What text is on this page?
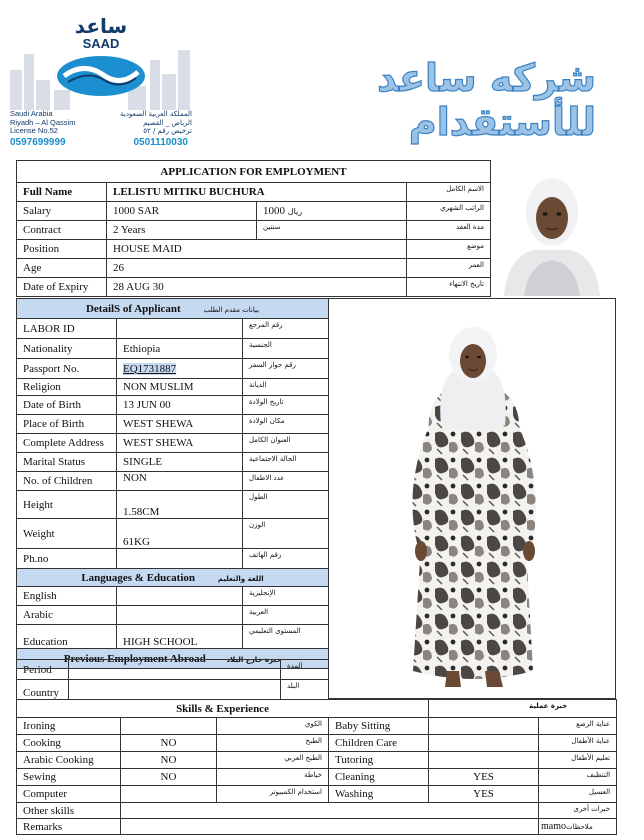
ساعد
SAAD
Saudi Arabia
Riyadh – Al Qassim
License No.52
المملكة العربية السعودية
الرياض _ القصيم
ترخيص رقم / ٥٢
0597699999	0501110030
شركه ساعد للأستقدام
APPLICATION FOR EMPLOYMENT			
Full Name	LELISTU MITIKU BUCHURA		الاسم الكامل
Salary	1000 SAR	1000 ريال	الراتب الشهري
Contract	2 Years	سنتين	مدة العقد
Position	HOUSE MAID		موضع
Age	26		العمر
Date of Expiry	28 AUG 30		تاريخ الانتهاء
DetailS of Applicant بيانات مقدم الطلب		
LABOR ID		رقم المرجع
Nationality	Ethiopia	الجنسية
Passport No.	EQ1731887	رقم جواز السفر
Religion	NON MUSLIM	الديانة
Date of Birth	13 JUN 00	تاريخ الولادة
Place of Birth	WEST SHEWA	مكان الولادة
Complete Address	WEST SHEWA	العنوان الكامل
Marital Status	SINGLE	الحالة الاجتماعية
No. of Children	NON	عدد الاطفال
Height	1.58CM	الطول
Weight	61KG	الوزن
Ph.no		رقم الهاتف
Languages & Education اللغة والتعليم		
English		الإنجليزية
Arabic		العربية
Education	HIGH SCHOOL	المستوى التعليمي
Previous Employment Abroad خبرة خارج البلاد		
Period		المدة
Country		البلد
Skills & Experience				خبرة عملية	
Ironing		الكوي	Baby Sitting		عناية الرضع
Cooking	NO	الطبخ	Children Care		عناية الأطفال
Arabic Cooking	NO	الطبخ العربي	Tutoring		تعليم الأطفال
Sewing	NO	خياطة	Cleaning	YES	التنظيف
Computer		استخدام الكمبيوتر	Washing	YES	الغسيل
Other skills					خبرات أخرى
Remarks					mamoملاحظات
